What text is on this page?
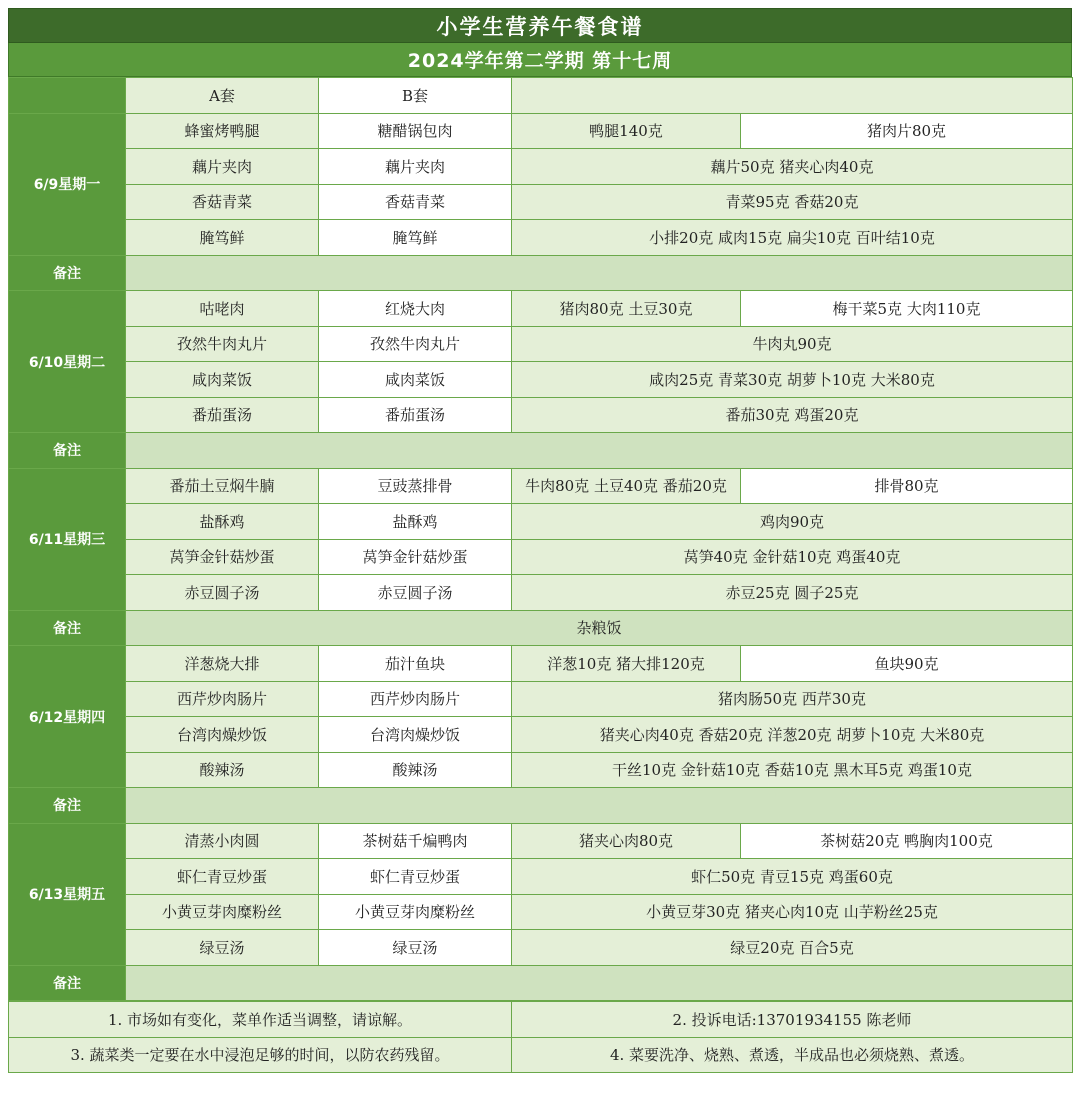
小学生营养午餐食谱
2024学年第二学期 第十七周
	A套	B套		
6/9星期一	蜂蜜烤鸭腿	糖醋锅包肉	鸭腿140克	猪肉片80克
	藕片夹肉	藕片夹肉	藕片50克 猪夹心肉40克	
	香菇青菜	香菇青菜	青菜95克 香菇20克	
	腌笃鲜	腌笃鲜	小排20克 咸肉15克 扁尖10克 百叶结10克	
备注				
6/10星期二	咕咾肉	红烧大肉	猪肉80克 土豆30克	梅干菜5克 大肉110克
	孜然牛肉丸片	孜然牛肉丸片	牛肉丸90克	
	咸肉菜饭	咸肉菜饭	咸肉25克 青菜30克 胡萝卜10克 大米80克	
	番茄蛋汤	番茄蛋汤	番茄30克 鸡蛋20克	
备注				
6/11星期三	番茄土豆焖牛腩	豆豉蒸排骨	牛肉80克 土豆40克 番茄20克	排骨80克
	盐酥鸡	盐酥鸡	鸡肉90克	
	莴笋金针菇炒蛋	莴笋金针菇炒蛋	莴笋40克 金针菇10克 鸡蛋40克	
	赤豆圆子汤	赤豆圆子汤	赤豆25克 圆子25克	
备注	杂粮饭			
6/12星期四	洋葱烧大排	茄汁鱼块	洋葱10克 猪大排120克	鱼块90克
	西芹炒肉肠片	西芹炒肉肠片	猪肉肠50克 西芹30克	
	台湾肉燥炒饭	台湾肉燥炒饭	猪夹心肉40克 香菇20克 洋葱20克 胡萝卜10克 大米80克	
	酸辣汤	酸辣汤	干丝10克 金针菇10克 香菇10克 黑木耳5克 鸡蛋10克	
备注				
6/13星期五	清蒸小肉圆	茶树菇千煸鸭肉	猪夹心肉80克	茶树菇20克 鸭胸肉100克
	虾仁青豆炒蛋	虾仁青豆炒蛋	虾仁50克 青豆15克 鸡蛋60克	
	小黄豆芽肉糜粉丝	小黄豆芽肉糜粉丝	小黄豆芽30克 猪夹心肉10克 山芋粉丝25克	
	绿豆汤	绿豆汤	绿豆20克 百合5克	
备注				
1. 市场如有变化，菜单作适当调整，请谅解。	2. 投诉电话:13701934155 陈老师
3. 蔬菜类一定要在水中浸泡足够的时间，以防农药残留。	4. 菜要洗净、烧熟、煮透，半成品也必须烧熟、煮透。
